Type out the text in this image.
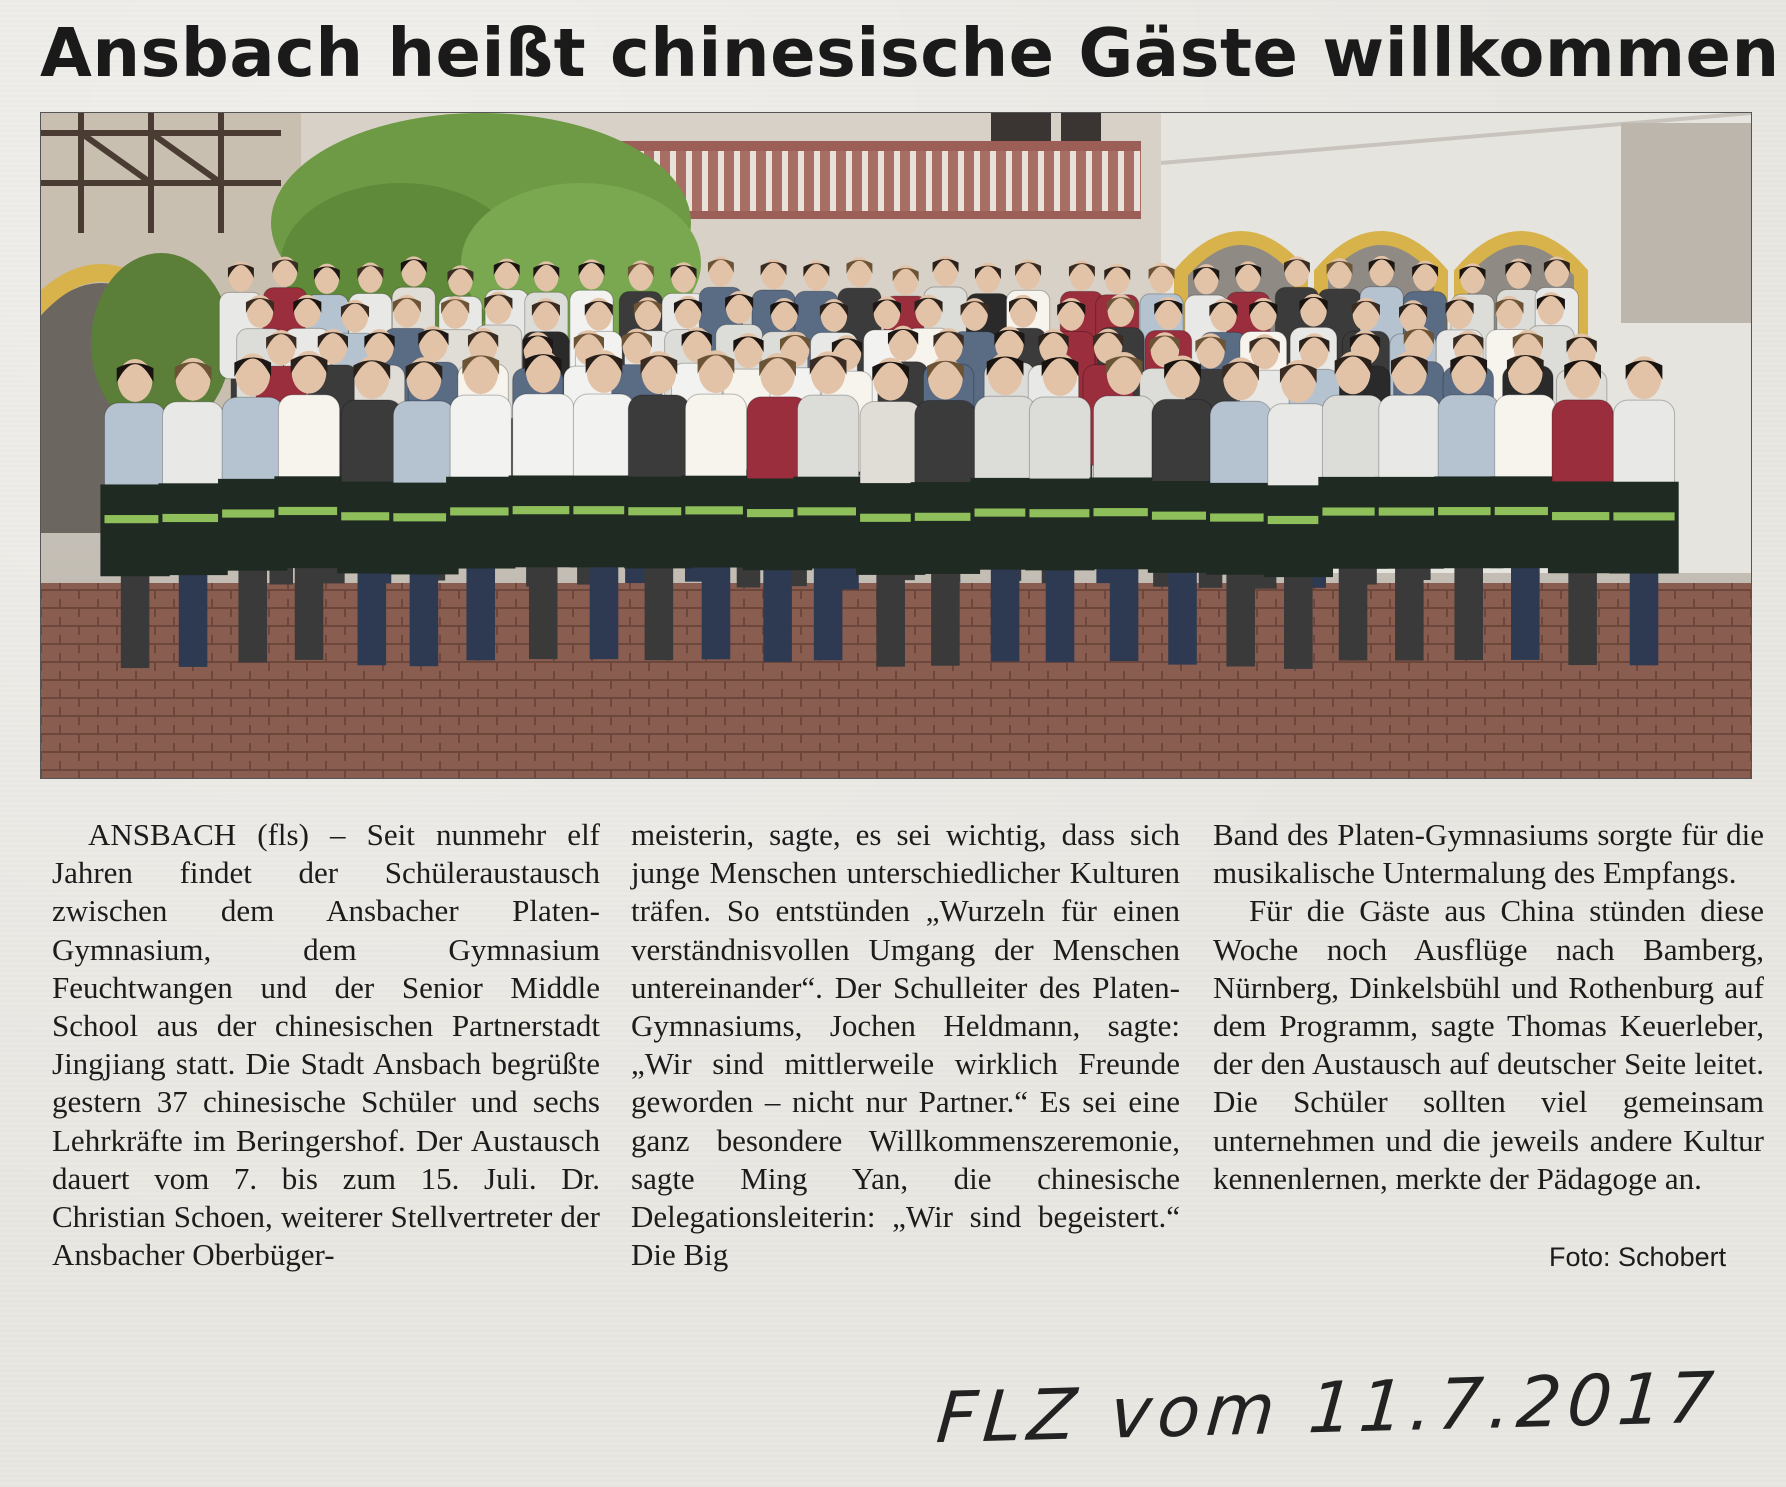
Ansbach heißt chinesische Gäste willkommen

ANSBACH (fls) – Seit nunmehr elf Jahren findet der Schüleraustausch zwischen dem Ansbacher Platen-Gymnasium, dem Gymnasium Feuchtwangen und der Senior Middle School aus der chinesischen Partnerstadt Jingjiang statt. Die Stadt Ansbach begrüßte gestern 37 chinesische Schüler und sechs Lehrkräfte im Beringershof. Der Austausch dauert vom 7. bis zum 15. Juli. Dr. Christian Schoen, weiterer Stellvertreter der Ansbacher Oberbüger-

meisterin, sagte, es sei wichtig, dass sich junge Menschen unterschiedlicher Kulturen träfen. So entstünden „Wurzeln für einen verständnisvollen Umgang der Menschen untereinander“. Der Schulleiter des Platen-Gymnasiums, Jochen Heldmann, sagte: „Wir sind mittlerweile wirklich Freunde geworden – nicht nur Partner.“ Es sei eine ganz besondere Willkommenszeremonie, sagte Ming Yan, die chinesische Delegationsleiterin: „Wir sind begeistert.“ Die Big

Band des Platen-Gymnasiums sorgte für die musikalische Untermalung des Empfangs.

Für die Gäste aus China stünden diese Woche noch Ausflüge nach Bamberg, Nürnberg, Dinkelsbühl und Rothenburg auf dem Programm, sagte Thomas Keuerleber, der den Austausch auf deutscher Seite leitet. Die Schüler sollten viel gemeinsam unternehmen und die jeweils andere Kultur kennenlernen, merkte der Pädagoge an.

Foto: Schobert
FLZ vom 11.7.2017
